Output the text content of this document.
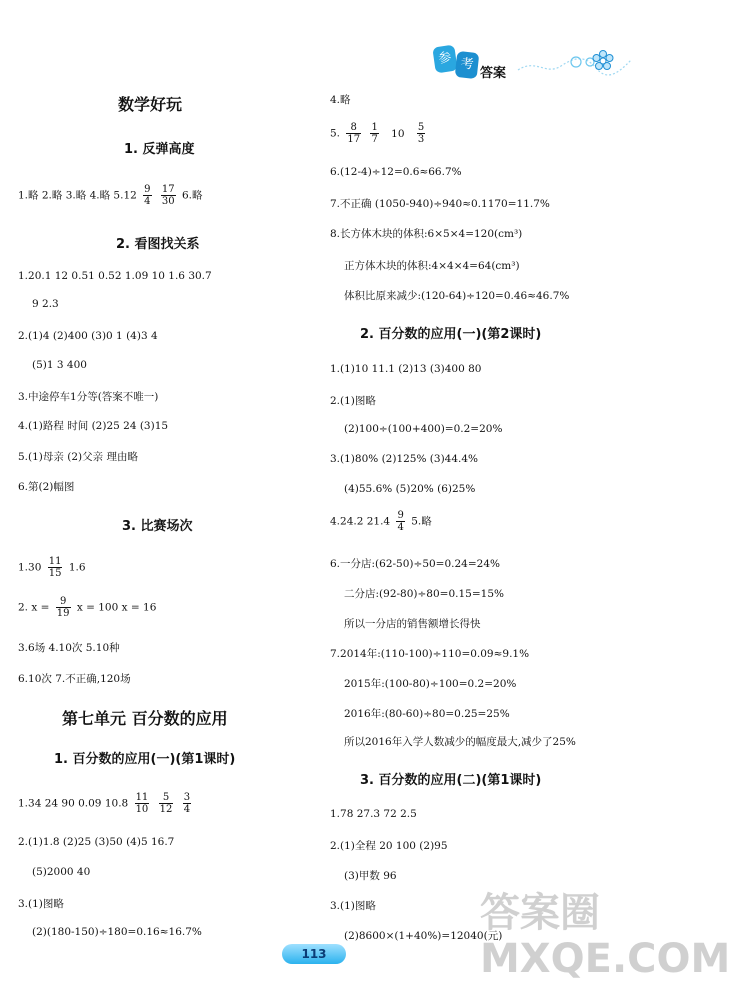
参 考
答案
数学好玩
1. 反弹高度
1.略 2.略 3.略 4.略 $5.12 \frac{9}{4}$
$\frac{17}{30} 6$.略
2. 看图找关系
1.20.1 12 0.51 0.52 1.09 10 1.6 30.7
9 2.3
2.(1)4 (2)400 (3)0 1 (4)3 4
(5)1 3 400
3.中途停车1分等(答案不唯一)
4.(1)路程 时间 (2)25 24 (3)15
5.(1)母亲 (2)父亲 理由略
6.第(2)幅图
3. 比赛场次
$1.30 \frac{11}{15} 1.6$
2. $x = \frac{9}{19}$ x = 100 x = 16
3.6场 4.10次 5.10种
6.10次 7.不正确,120场
第七单元 百分数的应用
1. 百分数的应用(一)(第1课时)
1.34 24 90 0.09 $10.8 \frac{11}{10}$
$\frac{5}{12}$
$\frac{3}{4}$
2.(1)1.8 (2)25 (3)50 (4)5 16.7
(5)2000 40
3.(1)图略
(2)(180-150)÷180=0.16≈16.7%
4.略
5. $\frac{8}{17}$
$\frac{1}{7} 10 \frac{5}{3}$
6.(12-4)÷12=0.6≈66.7%
7.不正确 (1050-940)÷940≈0.1170=11.7%
8.长方体木块的体积:6×5×4=120(cm³)
正方体木块的体积:4×4×4=64(cm³)
体积比原来减少:(120-64)÷120=0.46≈46.7%
2. 百分数的应用(一)(第2课时)
1.(1)10 11.1 (2)13 (3)400 80
2.(1)图略
(2)100÷(100+400)=0.2=20%
3.(1)80% (2)125% (3)44.4%
(4)55.6% (5)20% (6)25%
4.24.2 $21.4 \frac{9}{4} 5$.略
6.一分店:(62-50)÷50=0.24=24%
二分店:(92-80)÷80=0.15=15%
所以一分店的销售额增长得快
7.2014年:(110-100)÷110=0.09≈9.1%
2015年:(100-80)÷100=0.2=20%
2016年:(80-60)÷80=0.25=25%
所以2016年入学人数减少的幅度最大,减少了25%
3. 百分数的应用(二)(第1课时)
1.78 27.3 72 2.5
2.(1)全程 20 100 (2)95
(3)甲数 96
3.(1)图略
(2)8600×(1+40%)=12040(元)
113
答案圈 MXQE.COM
